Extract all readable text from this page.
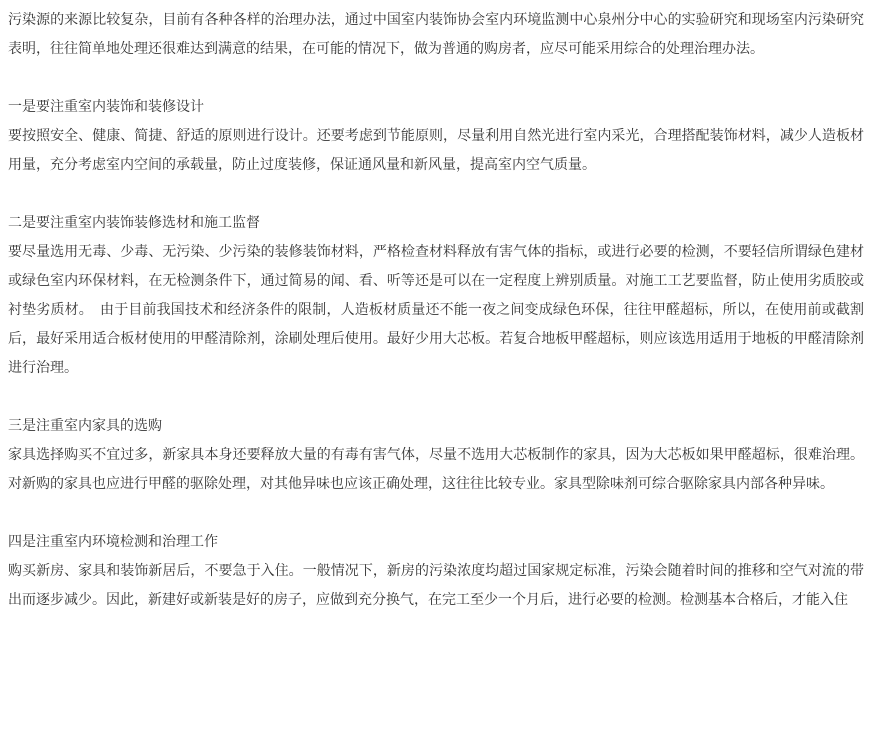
污染源的来源比较复杂，目前有各种各样的治理办法，通过中国室内装饰协会室内环境监测中心泉州分中心的实验研究和现场室内污染研究表明，往往简单地处理还很难达到满意的结果，在可能的情况下，做为普通的购房者，应尽可能采用综合的处理治理办法。

一是要注重室内装饰和装修设计

要按照安全、健康、简捷、舒适的原则进行设计。还要考虑到节能原则，尽量利用自然光进行室内采光，合理搭配装饰材料，减少人造板材用量，充分考虑室内空间的承载量，防止过度装修，保证通风量和新风量，提高室内空气质量。

二是要注重室内装饰装修选材和施工监督

要尽量选用无毒、少毒、无污染、少污染的装修装饰材料，严格检查材料释放有害气体的指标，或进行必要的检测，不要轻信所谓绿色建材或绿色室内环保材料，在无检测条件下，通过简易的闻、看、听等还是可以在一定程度上辨别质量。对施工工艺要监督，防止使用劣质胶或衬垫劣质材。　由于目前我国技术和经济条件的限制，人造板材质量还不能一夜之间变成绿色环保，往往甲醛超标，所以，在使用前或截割后，最好采用适合板材使用的甲醛清除剂，涂刷处理后使用。最好少用大芯板。若复合地板甲醛超标，则应该选用适用于地板的甲醛清除剂进行治理。

三是注重室内家具的选购

家具选择购买不宜过多，新家具本身还要释放大量的有毒有害气体，尽量不选用大芯板制作的家具，因为大芯板如果甲醛超标，很难治理。对新购的家具也应进行甲醛的驱除处理，对其他异味也应该正确处理，这往往比较专业。家具型除味剂可综合驱除家具内部各种异味。

四是注重室内环境检测和治理工作

购买新房、家具和装饰新居后，不要急于入住。一般情况下，新房的污染浓度均超过国家规定标准，污染会随着时间的推移和空气对流的带出而逐步减少。因此，新建好或新装是好的房子，应做到充分换气，在完工至少一个月后，进行必要的检测。检测基本合格后，才能入住
